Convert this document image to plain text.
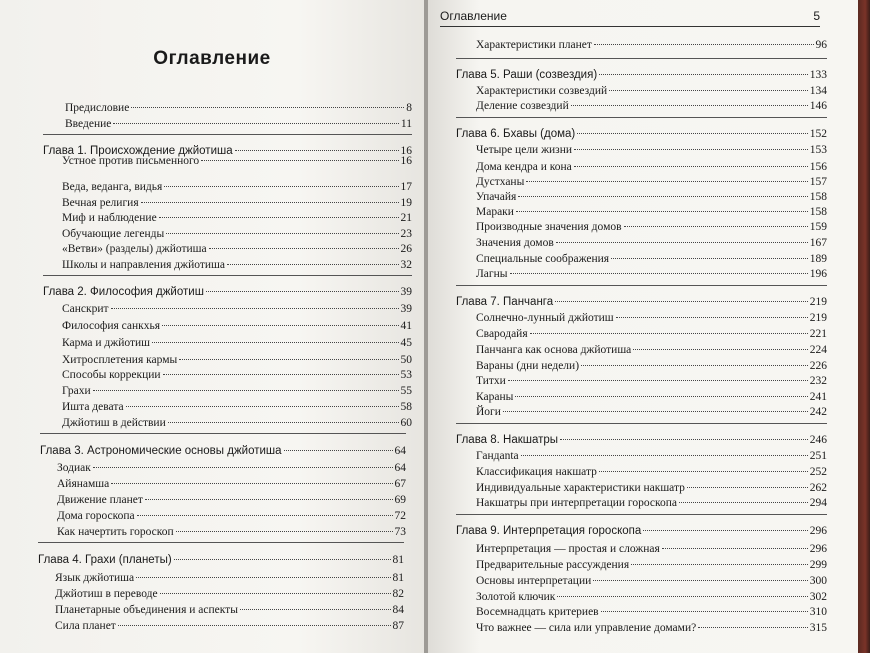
Оглавление
Предисловие	8
Введение	11
Глава 1. Происхождение джйотиша	16
Устное против письменного	16
Веда, веданга, видья	17
Вечная религия	19
Миф и наблюдение	21
Обучающие легенды	23
«Ветви» (разделы) джйотиша	26
Школы и направления джйотиша	32
Глава 2. Философия джйотиш	39
Санскрит	39
Философия санкхья	41
Карма и джйотиш	45
Хитросплетения кармы	50
Способы коррекции	53
Грахи	55
Ишта девата	58
Джйотиш в действии	60
Глава 3. Астрономические основы джйотиша	64
Зодиак	64
Айянамша	67
Движение планет	69
Дома гороскопа	72
Как начертить гороскоп	73
Глава 4. Грахи (планеты)	81
Язык джйотиша	81
Джйотиш в переводе	82
Планетарные объединения и аспекты	84
Сила планет	87
Характеристики планет	96
Глава 5. Раши (созвездия)	133
Характеристики созвездий	134
Деление созвездий	146
Глава 6. Бхавы (дома)	152
Четыре цели жизни	153
Дома кендра и кона	156
Дустханы	157
Упачайя	158
Мараки	158
Производные значения домов	159
Значения домов	167
Специальные соображения	189
Лагны	196
Глава 7. Панчанга	219
Солнечно-лунный джйотиш	219
Свародайя	221
Панчанга как основа джйотиша	224
Вараны (дни недели)	226
Титхи	232
Караны	241
Йоги	242
Глава 8. Накшатры	246
Гандanta	251
Классификация накшатр	252
Индивидуальные характеристики накшатр	262
Накшатры при интерпретации гороскопа	294
Глава 9. Интерпретация гороскопа	296
Интерпретация — простая и сложная	296
Предварительные рассуждения	299
Основы интерпретации	300
Золотой ключик	302
Восемнадцать критериев	310
Что важнее — сила или управление домами?	315
Оглавление	5
